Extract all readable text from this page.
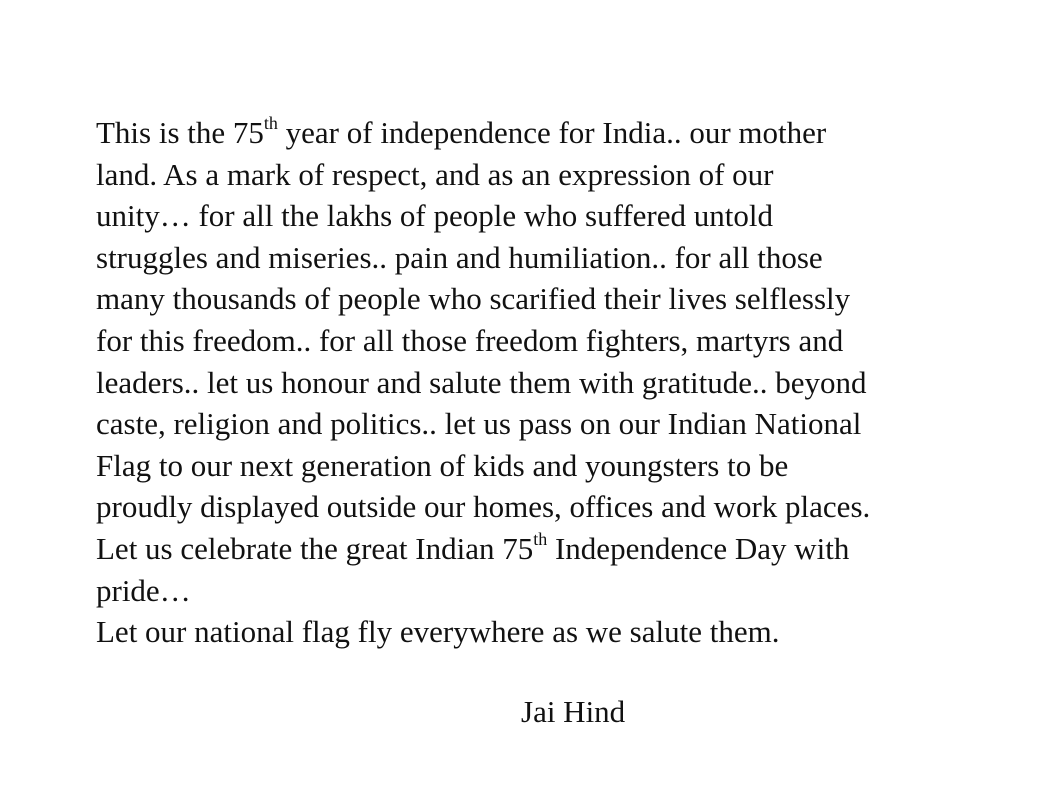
This is the 75th year of independence for India.. our mother
land. As a mark of respect, and as an expression of our
unity… for all the lakhs of people who suffered untold
struggles and miseries.. pain and humiliation.. for all those
many thousands of people who scarified their lives selflessly
for this freedom.. for all those freedom fighters, martyrs and
leaders.. let us honour and salute them with gratitude.. beyond
caste, religion and politics.. let us pass on our Indian National
Flag to our next generation of kids and youngsters to be
proudly displayed outside our homes, offices and work places.
Let us celebrate the great Indian 75th Independence Day with
pride…
Let our national flag fly everywhere as we salute them.
Jai Hind
